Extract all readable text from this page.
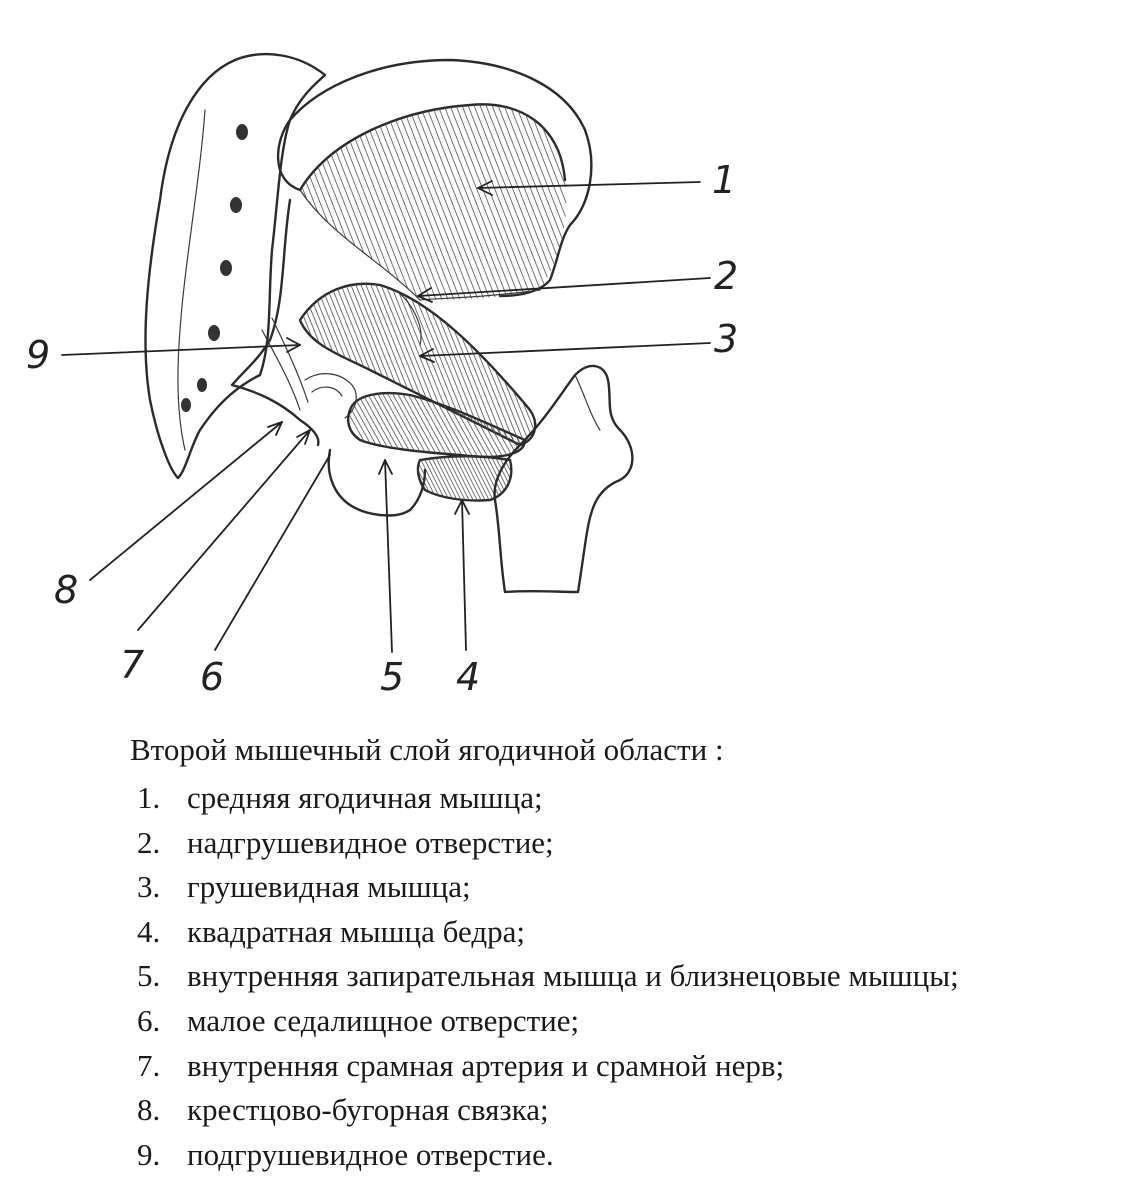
1
2
3
4
5
6
7
8
9
Второй мышечный слой ягодичной области :
1. средняя ягодичная мышца;
2. надгрушевидное отверстие;
3. грушевидная мышца;
4. квадратная мышца бедра;
5. внутренняя запирательная мышца и близнецовые мышцы;
6. малое седалищное отверстие;
7. внутренняя срамная артерия и срамной нерв;
8. крестцово-бугорная связка;
9. подгрушевидное отверстие.
